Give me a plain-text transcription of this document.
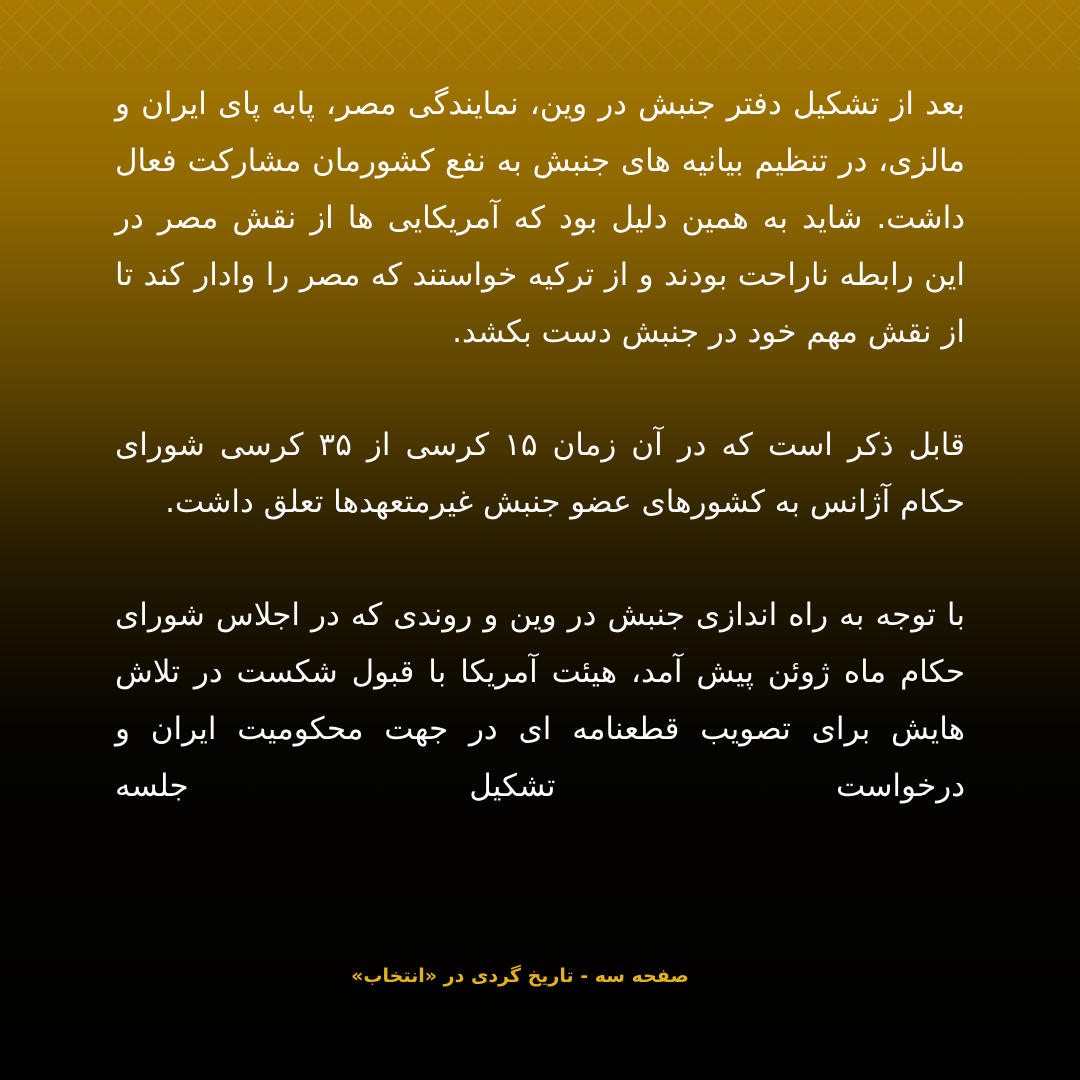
بعد از تشکیل دفتر جنبش در وین، نمایندگی مصر، پابه پای ایران و مالزی، در تنظیم بیانیه های جنبش به نفع کشورمان مشارکت فعال داشت. شاید به همین دلیل بود که آمریکایی ها از نقش مصر در این رابطه ناراحت بودند و از ترکیه خواستند که مصر را وادار کند تا از نقش مهم خود در جنبش دست بکشد.

قابل ذکر است که در آن زمان ۱۵ کرسی از ۳۵ کرسی شورای حکام آژانس به کشورهای عضو جنبش غیرمتعهدها تعلق داشت.

با توجه به راه اندازی جنبش در وین و روندی که در اجلاس شورای حکام ماه ژوئن پیش آمد، هیئت آمریکا با قبول شکست در تلاش هایش برای تصویب قطعنامه ای در جهت محکومیت ایران و درخواست تشکیل جلسه

صفحه سه - تاریخ گردی در «انتخاب»
